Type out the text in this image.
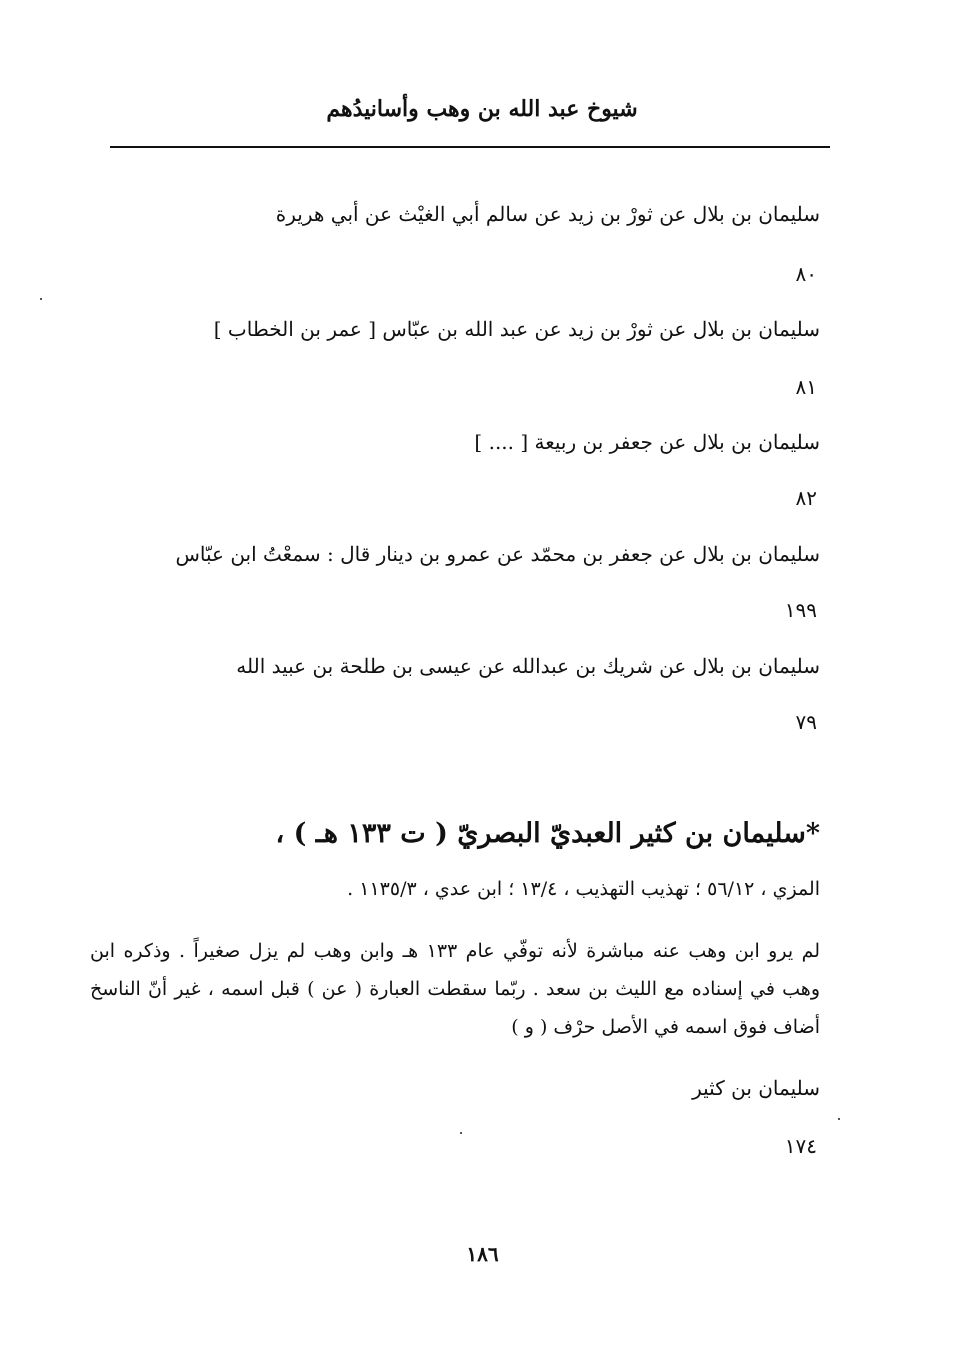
شيوخ عبد الله بن وهب وأسانيدُهم
سليمان بن بلال عن ثورْ بن زيد عن سالم أبي الغيْث عن أبي هريرة
٨٠
سليمان بن بلال عن ثورْ بن زيد عن عبد الله بن عبّاس [ عمر بن الخطاب ]
٨١
سليمان بن بلال عن جعفر بن ربيعة [ .... ]
٨٢
سليمان بن بلال عن جعفر بن محمّد عن عمرو بن دينار قال : سمعْتُ ابن عبّاس
١٩٩
سليمان بن بلال عن شريك بن عبدالله عن عيسى بن طلحة بن عبيد الله
٧٩
*سليمان بن كثير العبديّ البصريّ ( ت ١٣٣ هـ ) ،
المزي ، ٥٦/١٢ ؛ تهذيب التهذيب ، ١٣/٤ ؛ ابن عدي ، ١١٣٥/٣ .
لم يرو ابن وهب عنه مباشرة لأنه توفّي عام ١٣٣ هـ وابن وهب لم يزل صغيراً . وذكره ابن وهب في إسناده مع الليث بن سعد . ربّما سقطت العبارة ( عن ) قبل اسمه ، غير أنّ الناسخ أضاف فوق اسمه في الأصل حرْف ( و )
سليمان بن كثير
١٧٤
١٨٦
